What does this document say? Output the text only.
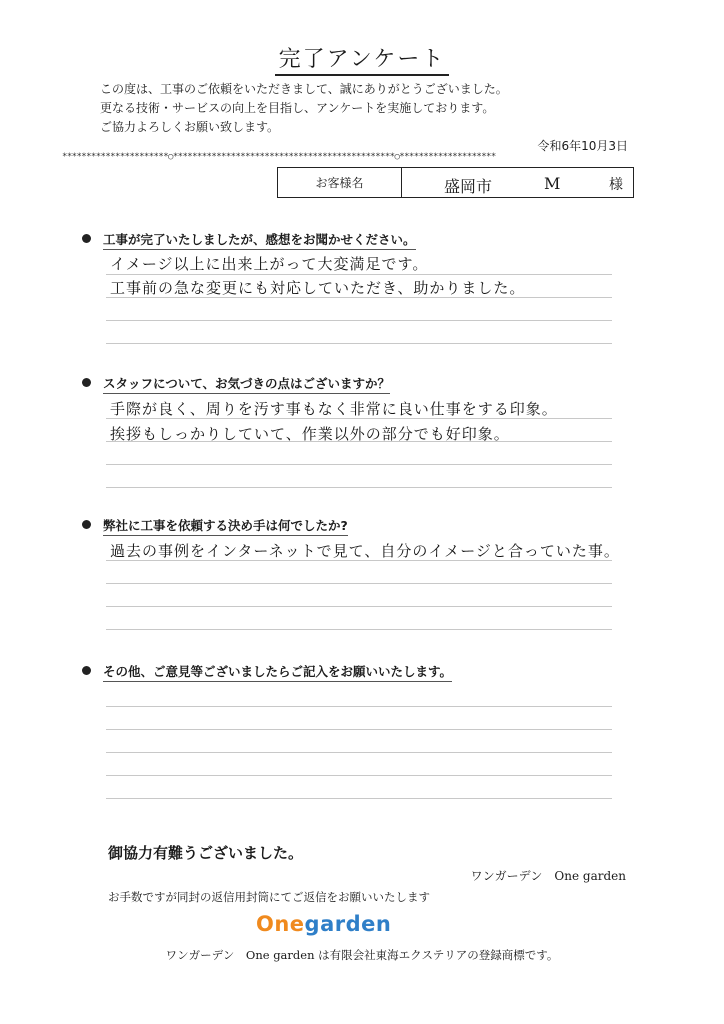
完了アンケート
この度は、工事のご依頼をいただきまして、誠にありがとうございました。
更なる技術・サービスの向上を目指し、アンケートを実施しております。
ご協力よろしくお願い致します。
令和6年10月3日
**********************○**********************************************○********************
お客様名	盛岡市	M	様
工事が完了いたしましたが、感想をお聞かせください。
イメージ以上に出来上がって大変満足です。
工事前の急な変更にも対応していただき、助かりました。
スタッフについて、お気づきの点はございますか？
手際が良く、周りを汚す事もなく非常に良い仕事をする印象。
挨拶もしっかりしていて、作業以外の部分でも好印象。
弊社に工事を依頼する決め手は何でしたか?
過去の事例をインターネットで見て、自分のイメージと合っていた事。
その他、ご意見等ございましたらご記入をお願いいたします。
御協力有難うございました。
ワンガーデン　One garden
お手数ですが同封の返信用封筒にてご返信をお願いいたします
Onegarden
ワンガーデン　One garden は有限会社東海エクステリアの登録商標です。
